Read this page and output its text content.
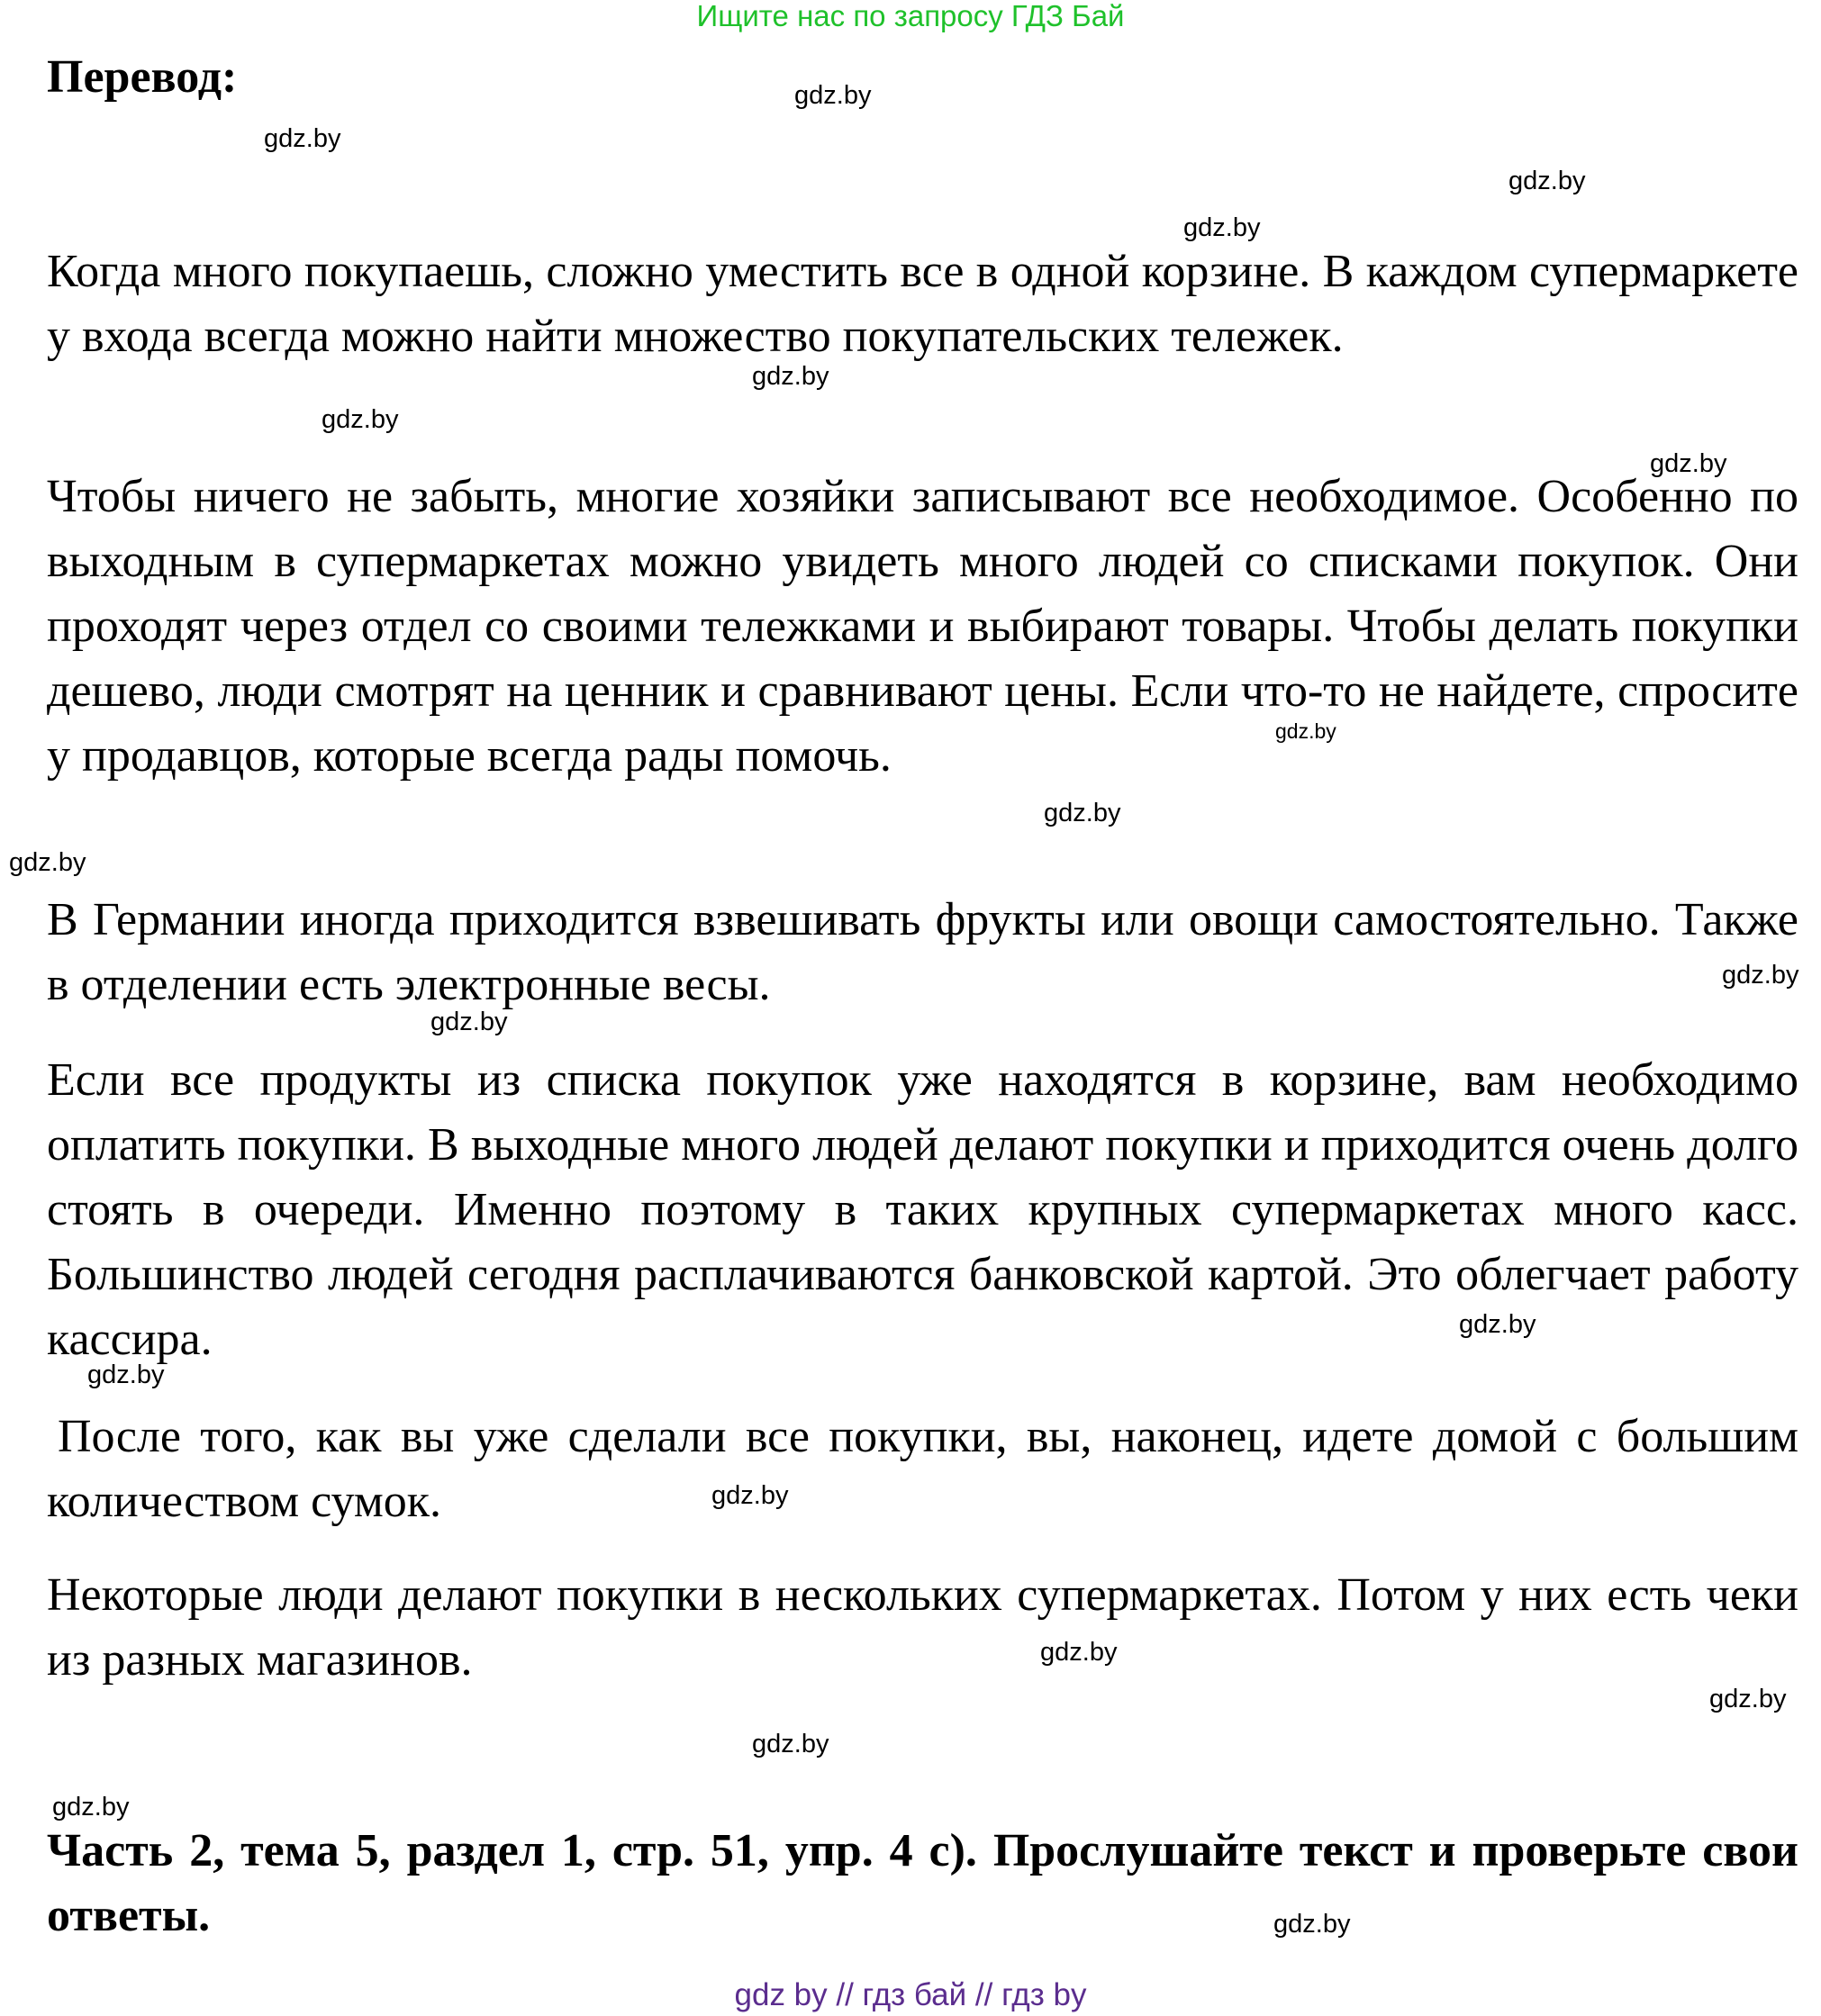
Ищите нас по запросу ГДЗ Бай
Перевод:

Когда много покупаешь, сложно уместить все в одной корзине. В каждом супермаркете у входа всегда можно найти множество покупательских тележек.

Чтобы ничего не забыть, многие хозяйки записывают все необходимое. Особенно по выходным в супермаркетах можно увидеть много людей со списками покупок. Они проходят через отдел со своими тележками и выбирают товары. Чтобы делать покупки дешево, люди смотрят на ценник и сравнивают цены. Если что-то не найдете, спросите у продавцов, которые всегда рады помочь.

В Германии иногда приходится взвешивать фрукты или овощи самостоятельно. Также в отделении есть электронные весы.

Если все продукты из списка покупок уже находятся в корзине, вам необходимо оплатить покупки. В выходные много людей делают покупки и приходится очень долго стоять в очереди. Именно поэтому в таких крупных супермаркетах много касс. Большинство людей сегодня расплачиваются банковской картой. Это облегчает работу кассира.

После того, как вы уже сделали все покупки, вы, наконец, идете домой с большим количеством сумок.

Некоторые люди делают покупки в нескольких супермаркетах. Потом у них есть чеки из разных магазинов.

Часть 2, тема 5, раздел 1, стр. 51, упр. 4 с). Прослушайте текст и проверьте свои ответы.

gdz.by
gdz.by
gdz.by
gdz.by
gdz.by
gdz.by
gdz.by
gdz.by
gdz.by
gdz.by
gdz.by
gdz.by
gdz.by
gdz.by
gdz.by
gdz.by
gdz.by
gdz.by
gdz.by
gdz.by
gdz by // гдз бай // гдз by
